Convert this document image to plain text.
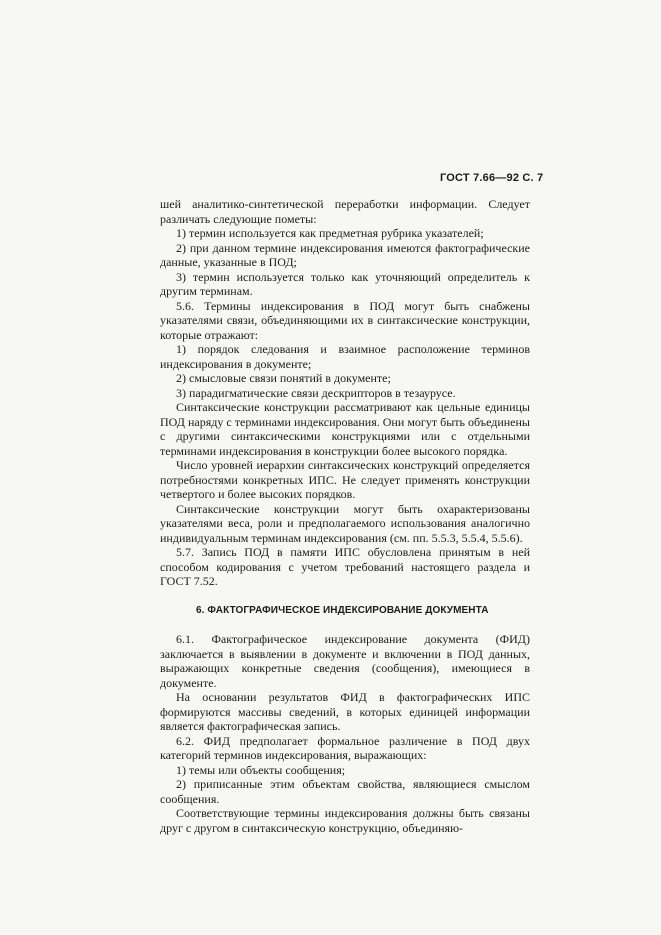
ГОСТ 7.66—92 С. 7

шей аналитико-синтетической переработки информации. Следует различать следующие пометы:

1) термин используется как предметная рубрика указателей;

2) при данном термине индексирования имеются фактографические данные, указанные в ПОД;

3) термин используется только как уточняющий определитель к другим терминам.

5.6. Термины индексирования в ПОД могут быть снабжены указателями связи, объединяющими их в синтаксические конструкции, которые отражают:

1) порядок следования и взаимное расположение терминов индексирования в документе;

2) смысловые связи понятий в документе;

3) парадигматические связи дескрипторов в тезаурусе.

Синтаксические конструкции рассматривают как цельные единицы ПОД наряду с терминами индексирования. Они могут быть объединены с другими синтаксическими конструкциями или с отдельными терминами индексирования в конструкции более высокого порядка.

Число уровней иерархии синтаксических конструкций определяется потребностями конкретных ИПС. Не следует применять конструкции четвертого и более высоких порядков.

Синтаксические конструкции могут быть охарактеризованы указателями веса, роли и предполагаемого использования аналогично индивидуальным терминам индексирования (см. пп. 5.5.3, 5.5.4, 5.5.6).

5.7. Запись ПОД в памяти ИПС обусловлена принятым в ней способом кодирования с учетом требований настоящего раздела и ГОСТ 7.52.

6. ФАКТОГРАФИЧЕСКОЕ ИНДЕКСИРОВАНИЕ ДОКУМЕНТА

6.1. Фактографическое индексирование документа (ФИД) заключается в выявлении в документе и включении в ПОД данных, выражающих конкретные сведения (сообщения), имеющиеся в документе.

На основании результатов ФИД в фактографических ИПС формируются массивы сведений, в которых единицей информации является фактографическая запись.

6.2. ФИД предполагает формальное различение в ПОД двух категорий терминов индексирования, выражающих:

1) темы или объекты сообщения;

2) приписанные этим объектам свойства, являющиеся смыслом сообщения.

Соответствующие термины индексирования должны быть связаны друг с другом в синтаксическую конструкцию, объединяю-
